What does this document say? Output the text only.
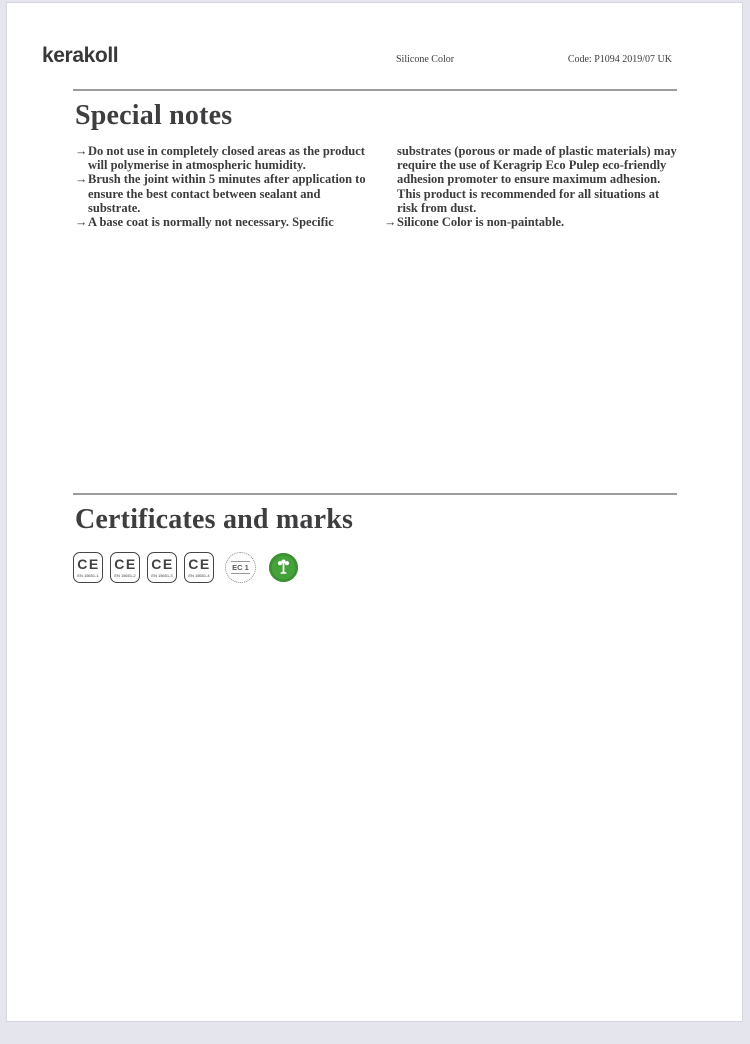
kerakoll	Silicone Color	Code: P1094 2019/07 UK
Special notes
→ Do not use in completely closed areas as the product will polymerise in atmospheric humidity.
→ Brush the joint within 5 minutes after application to ensure the best contact between sealant and substrate.
→ A base coat is normally not necessary. Specific
substrates (porous or made of plastic materials) may require the use of Keragrip Eco Pulep eco-friendly adhesion promoter to ensure maximum adhesion. This product is recommended for all situations at risk from dust.
→ Silicone Color is non-paintable.
Certificates and marks
CE
EN 15651-1
CE
EN 15651-2
CE
EN 15651-3
CE
EN 15651-4
EC 1
